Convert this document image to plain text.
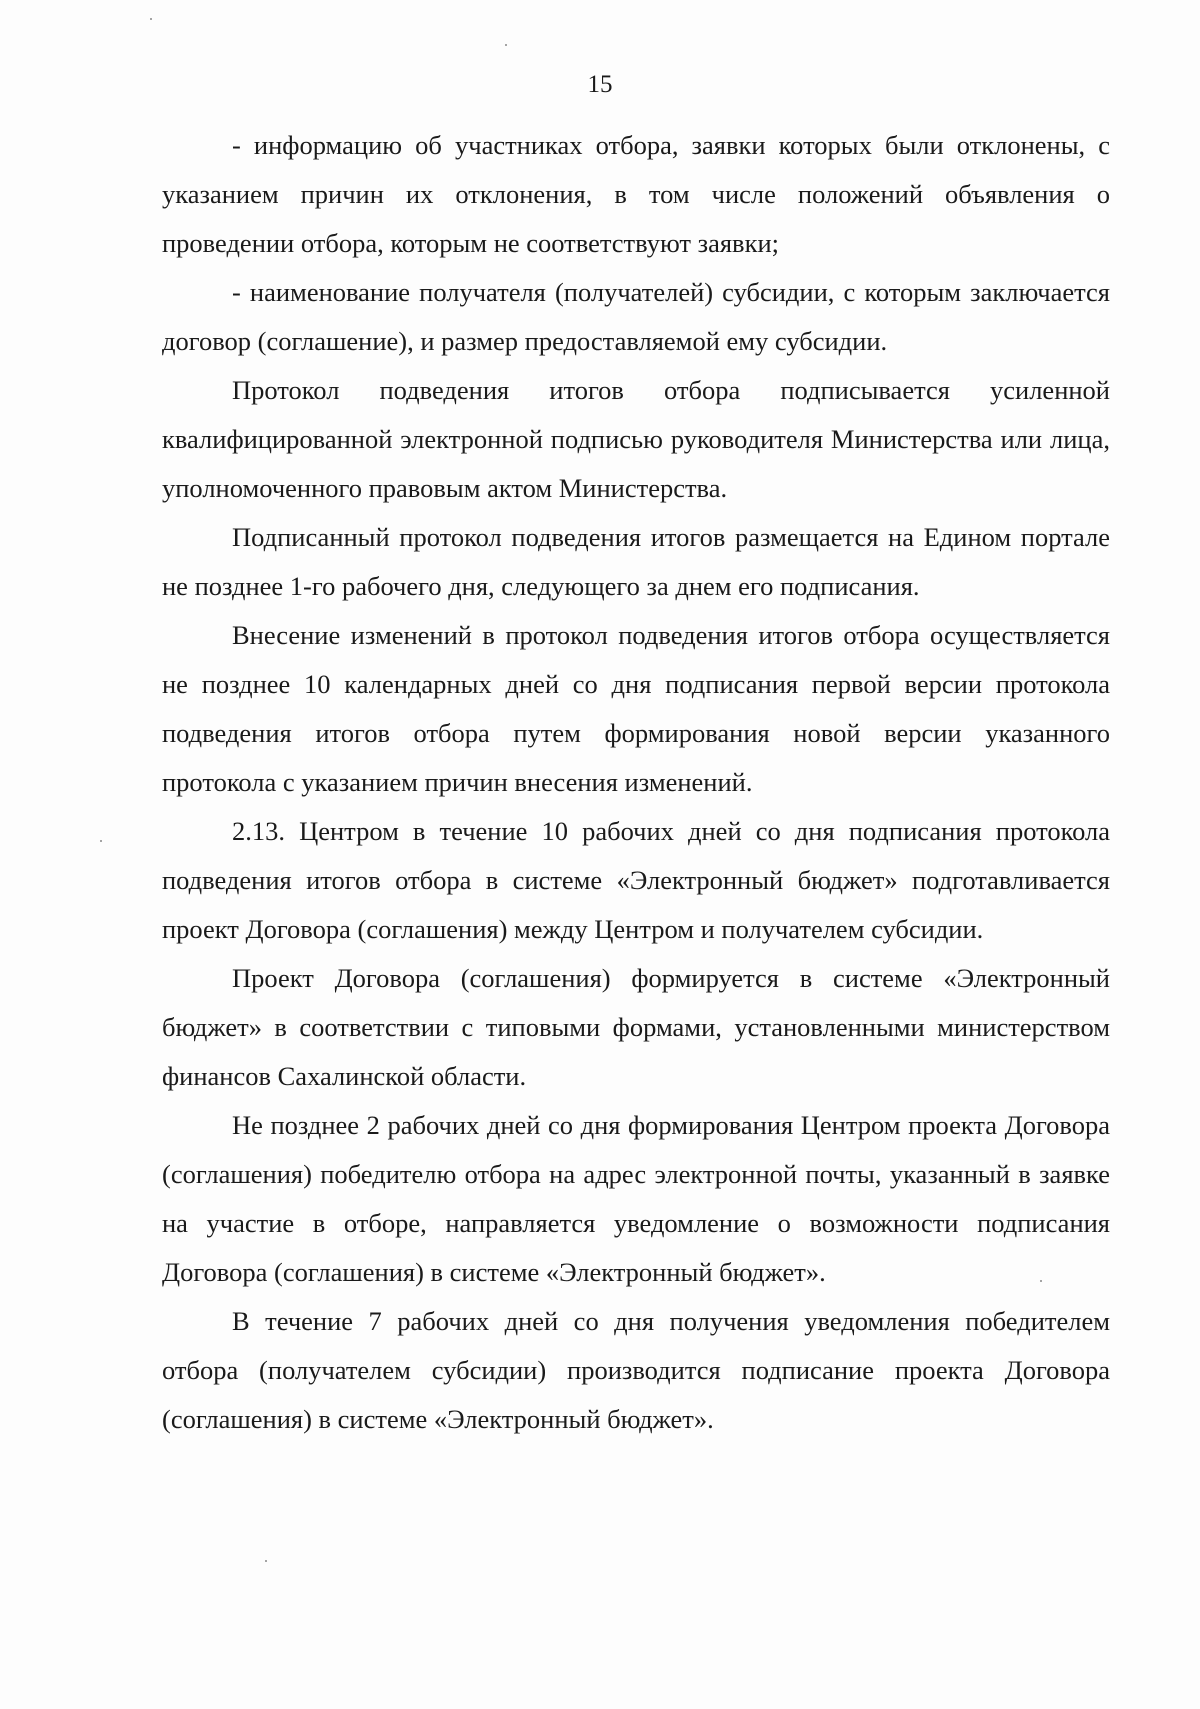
15

- информацию об участниках отбора, заявки которых были отклонены, с указанием причин их отклонения, в том числе положений объявления о проведении отбора, которым не соответствуют заявки;

- наименование получателя (получателей) субсидии, с которым заключается договор (соглашение), и размер предоставляемой ему субсидии.

Протокол подведения итогов отбора подписывается усиленной квалифицированной электронной подписью руководителя Министерства или лица, уполномоченного правовым актом Министерства.

Подписанный протокол подведения итогов размещается на Едином портале не позднее 1-го рабочего дня, следующего за днем его подписания.

Внесение изменений в протокол подведения итогов отбора осуществляется не позднее 10 календарных дней со дня подписания первой версии протокола подведения итогов отбора путем формирования новой версии указанного протокола с указанием причин внесения изменений.

2.13. Центром в течение 10 рабочих дней со дня подписания протокола подведения итогов отбора в системе «Электронный бюджет» подготавливается проект Договора (соглашения) между Центром и получателем субсидии.

Проект Договора (соглашения) формируется в системе «Электронный бюджет» в соответствии с типовыми формами, установленными министерством финансов Сахалинской области.

Не позднее 2 рабочих дней со дня формирования Центром проекта Договора (соглашения) победителю отбора на адрес электронной почты, указанный в заявке на участие в отборе, направляется уведомление о возможности подписания Договора (соглашения) в системе «Электронный бюджет».

В течение 7 рабочих дней со дня получения уведомления победителем отбора (получателем субсидии) производится подписание проекта Договора (соглашения) в системе «Электронный бюджет».
